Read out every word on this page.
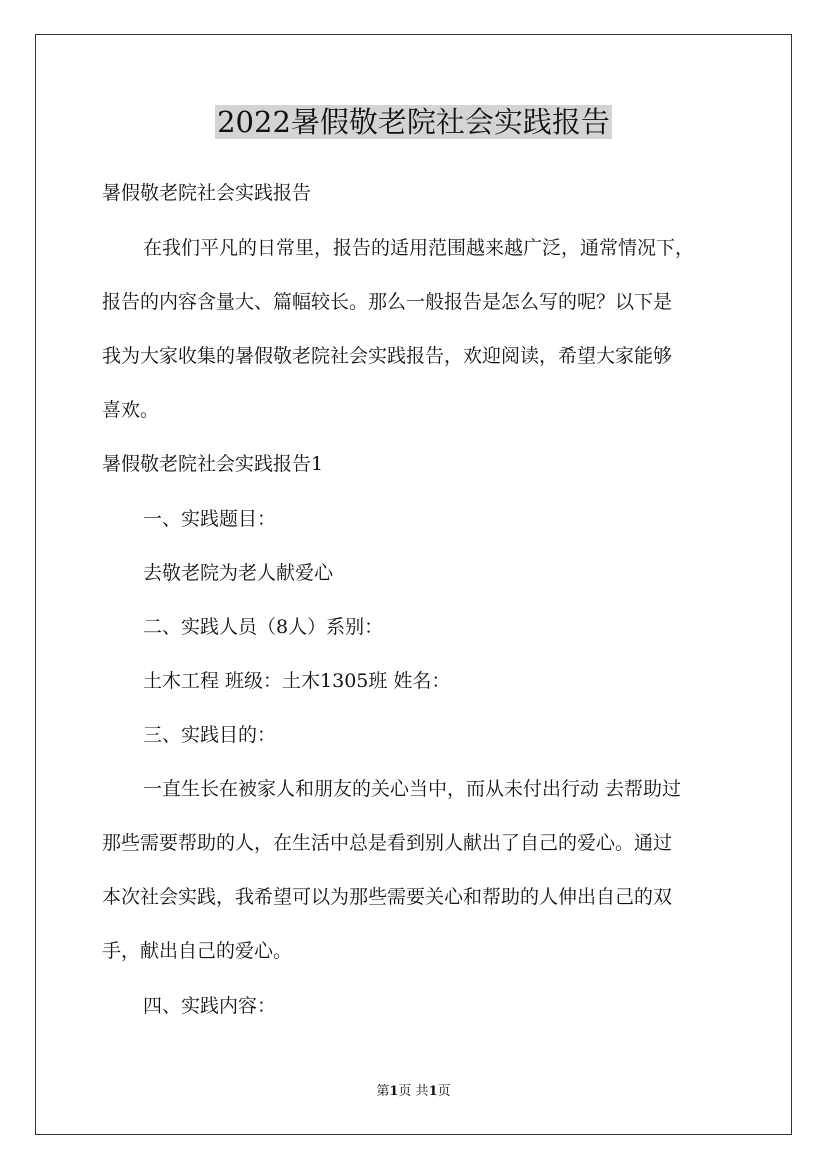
2022暑假敬老院社会实践报告

暑假敬老院社会实践报告

在我们平凡的日常里，报告的适用范围越来越广泛，通常情况下，

报告的内容含量大、篇幅较长。那么一般报告是怎么写的呢？以下是

我为大家收集的暑假敬老院社会实践报告，欢迎阅读，希望大家能够

喜欢。

暑假敬老院社会实践报告1

一、实践题目：

去敬老院为老人献爱心

二、实践人员（8人）系别：

土木工程 班级：土木1305班 姓名：

三、实践目的：

一直生长在被家人和朋友的关心当中，而从未付出行动 去帮助过

那些需要帮助的人，在生活中总是看到别人献出了自己的爱心。通过

本次社会实践，我希望可以为那些需要关心和帮助的人伸出自己的双

手，献出自己的爱心。

四、实践内容：

第1页 共1页
